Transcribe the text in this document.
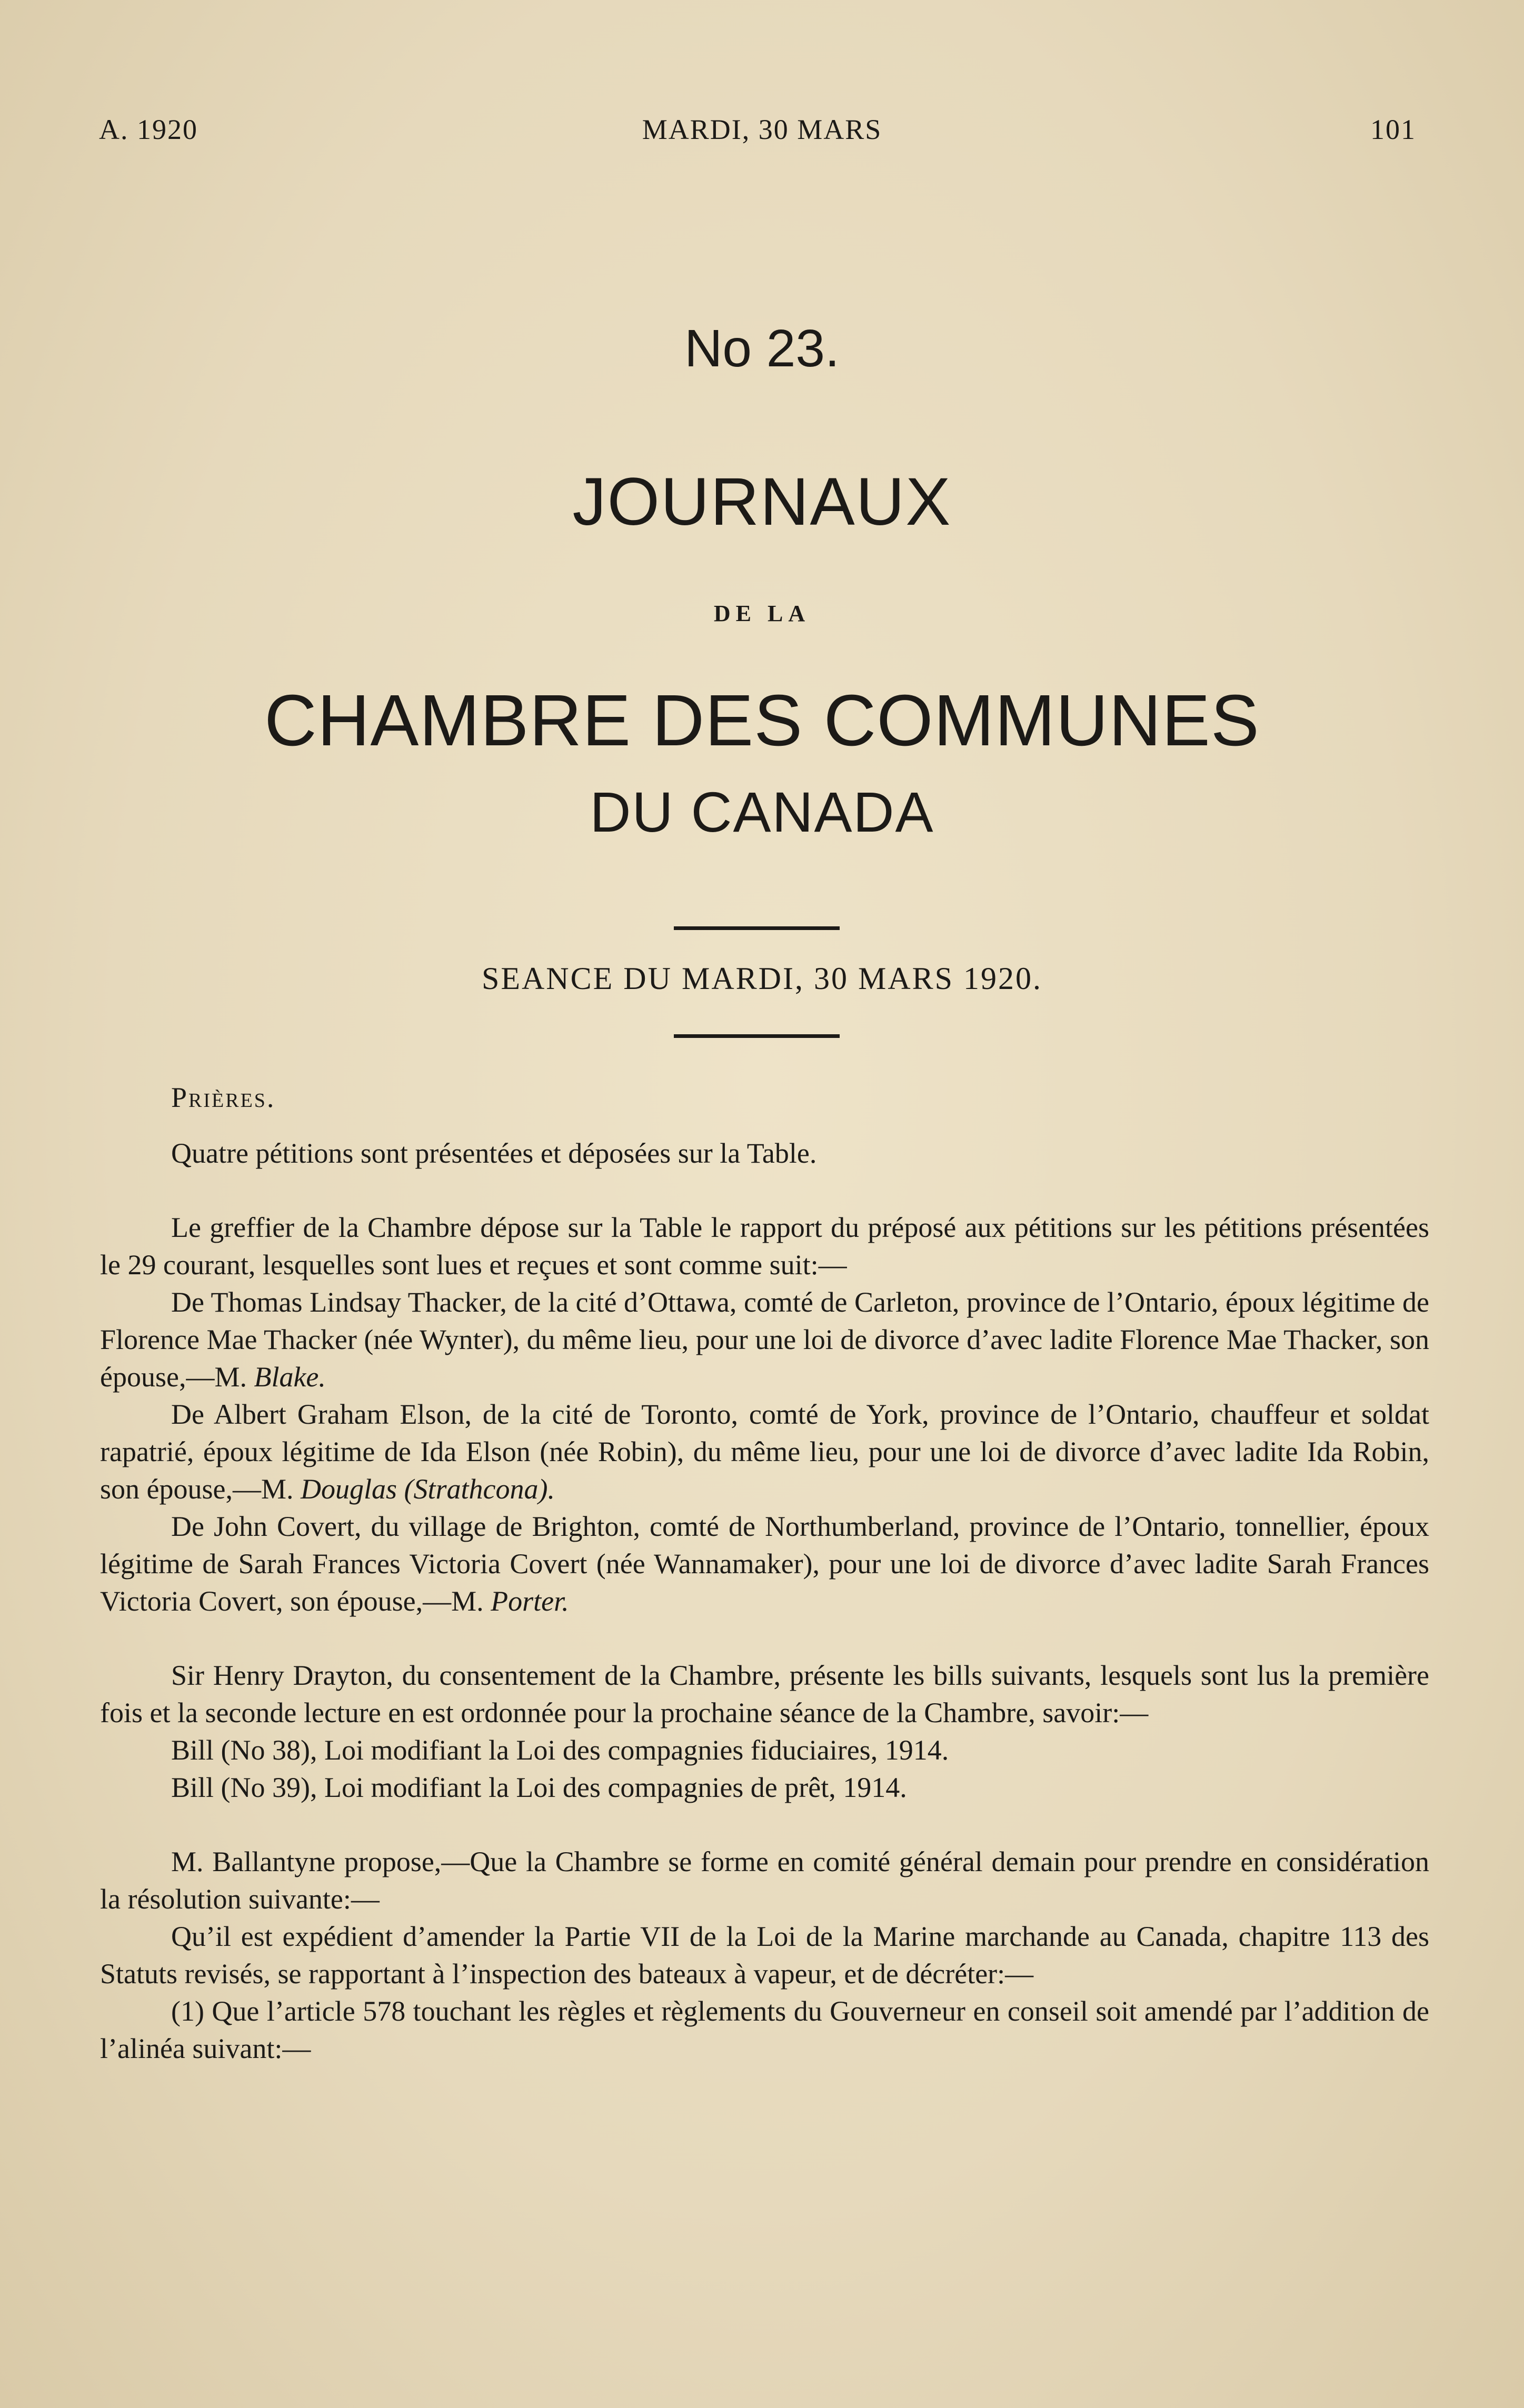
A. 1920	MARDI, 30 MARS	101
No 23.
JOURNAUX
DE LA
CHAMBRE DES COMMUNES
DU CANADA
SEANCE DU MARDI, 30 MARS 1920.

Prières.

Quatre pétitions sont présentées et déposées sur la Table.

Le greffier de la Chambre dépose sur la Table le rapport du préposé aux pétitions sur les pétitions présentées le 29 courant, lesquelles sont lues et reçues et sont comme suit:—

De Thomas Lindsay Thacker, de la cité d’Ottawa, comté de Carleton, province de l’Ontario, époux légitime de Florence Mae Thacker (née Wynter), du même lieu, pour une loi de divorce d’avec ladite Florence Mae Thacker, son épouse,—M. Blake.

De Albert Graham Elson, de la cité de Toronto, comté de York, province de l’Ontario, chauffeur et soldat rapatrié, époux légitime de Ida Elson (née Robin), du même lieu, pour une loi de divorce d’avec ladite Ida Robin, son épouse,—M. Douglas (Strathcona).

De John Covert, du village de Brighton, comté de Northumberland, province de l’Ontario, tonnellier, époux légitime de Sarah Frances Victoria Covert (née Wannamaker), pour une loi de divorce d’avec ladite Sarah Frances Victoria Covert, son épouse,—M. Porter.

Sir Henry Drayton, du consentement de la Chambre, présente les bills suivants, lesquels sont lus la première fois et la seconde lecture en est ordonnée pour la prochaine séance de la Chambre, savoir:—

Bill (No 38), Loi modifiant la Loi des compagnies fiduciaires, 1914.

Bill (No 39), Loi modifiant la Loi des compagnies de prêt, 1914.

M. Ballantyne propose,—Que la Chambre se forme en comité général demain pour prendre en considération la résolution suivante:—

Qu’il est expédient d’amender la Partie VII de la Loi de la Marine marchande au Canada, chapitre 113 des Statuts revisés, se rapportant à l’inspection des bateaux à vapeur, et de décréter:—

(1) Que l’article 578 touchant les règles et règlements du Gouverneur en conseil soit amendé par l’addition de l’alinéa suivant:—
